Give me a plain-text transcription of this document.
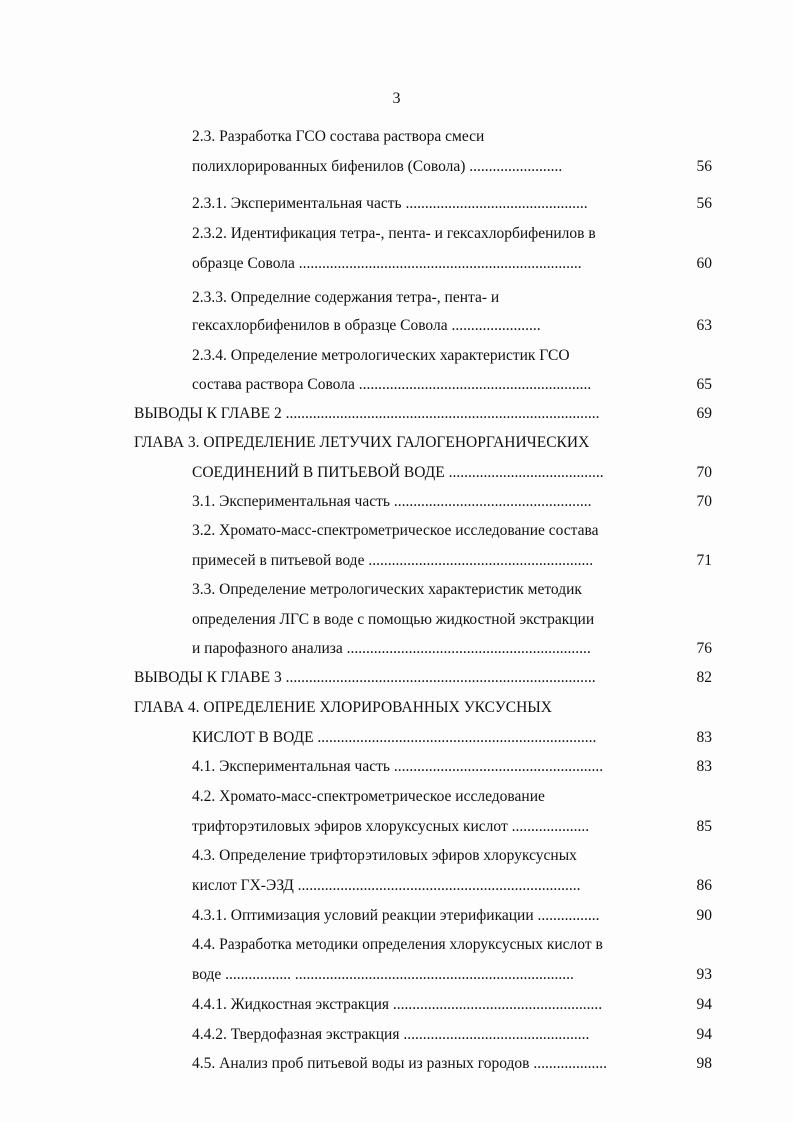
3
2.3. Разработка ГСО состава раствора смеси
полихлорированных бифенилов (Совола) ........................	56
2.3.1. Экспериментальная часть ...............................................	56
2.3.2. Идентификация тетра-, пента- и гексахлорбифенилов в
образце Совола .........................................................................	60
2.3.3. Определние содержания тетра-, пента- и
гексахлорбифенилов в образце Совола .......................	63
2.3.4. Определение метрологических характеристик ГСО
состава раствора Совола ............................................................	65
ВЫВОДЫ К ГЛАВЕ 2 .................................................................................	69
ГЛАВА 3. ОПРЕДЕЛЕНИЕ ЛЕТУЧИХ ГАЛОГЕНОРГАНИЧЕСКИХ
СОЕДИНЕНИЙ В ПИТЬЕВОЙ ВОДЕ ........................................	70
3.1. Экспериментальная часть ...................................................	70
3.2. Хромато-масс-спектрометрическое исследование состава
примесей в питьевой воде ..........................................................	71
3.3. Определение метрологических характеристик методик
определения ЛГС в воде с помощью жидкостной экстракции
и парофазного анализа ...............................................................	76
ВЫВОДЫ К ГЛАВЕ 3 ................................................................................	82
ГЛАВА 4. ОПРЕДЕЛЕНИЕ ХЛОРИРОВАННЫХ УКСУСНЫХ
КИСЛОТ В ВОДЕ ........................................................................	83
4.1. Экспериментальная часть ......................................................	83
4.2. Хромато-масс-спектрометрическое исследование
трифторэтиловых эфиров хлоруксусных кислот ....................	85
4.3. Определение трифторэтиловых эфиров хлоруксусных
кислот ГХ-ЭЗД .........................................................................	86
4.3.1. Оптимизация условий реакции этерификации ................	90
4.4. Разработка методики определения хлоруксусных кислот в
воде ................. ........................................................................	93
4.4.1. Жидкостная экстракция ......................................................	94
4.4.2. Твердофазная экстракция ................................................	94
4.5. Анализ проб питьевой воды из разных городов ...................	98
